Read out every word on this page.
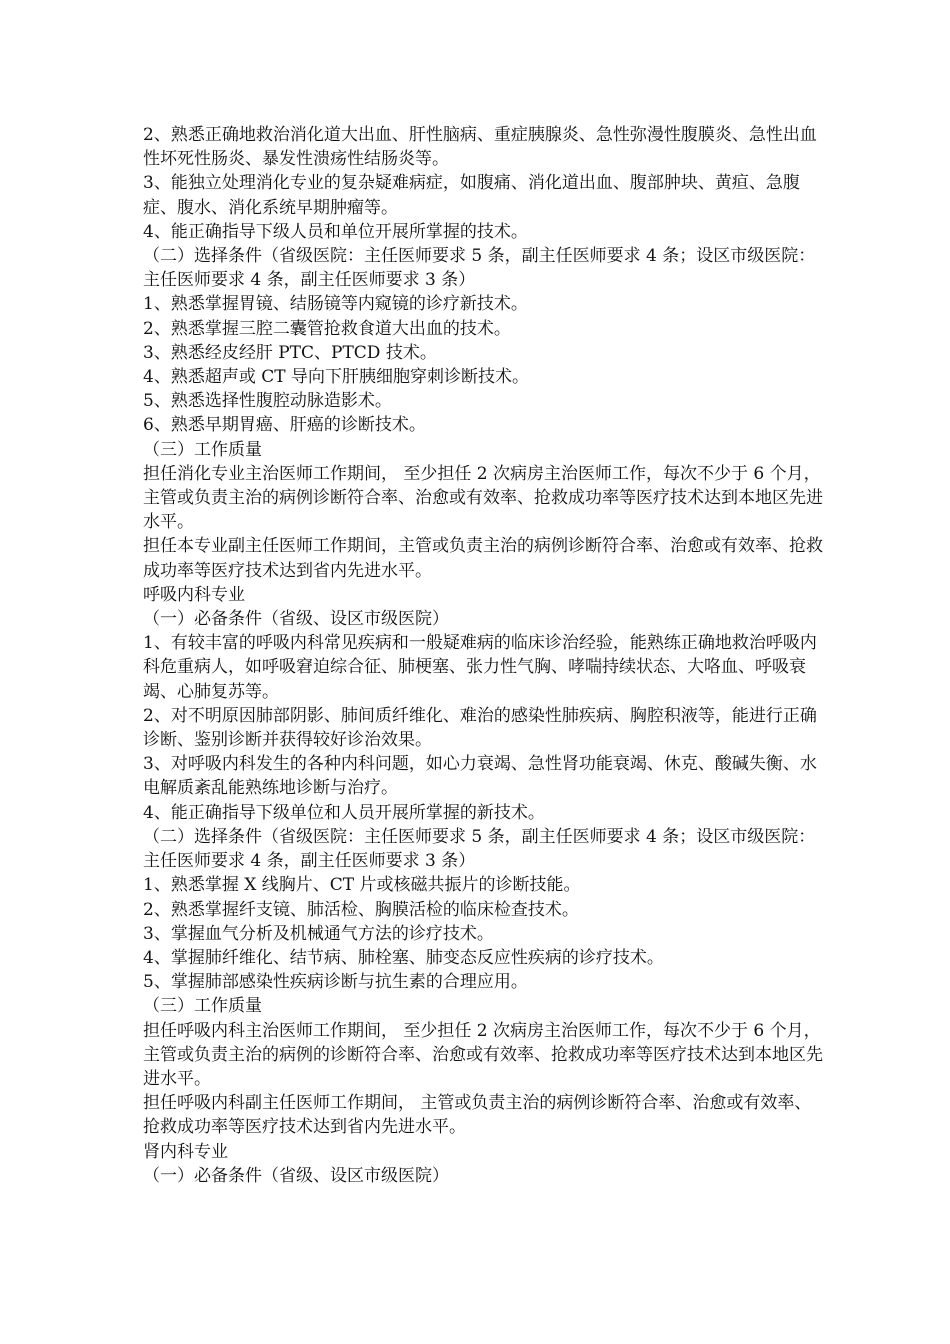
2、熟悉正确地救治消化道大出血、肝性脑病、重症胰腺炎、急性弥漫性腹膜炎、急性出血性坏死性肠炎、暴发性溃疡性结肠炎等。

3、能独立处理消化专业的复杂疑难病症，如腹痛、消化道出血、腹部肿块、黄疸、急腹症、腹水、消化系统早期肿瘤等。

4、能正确指导下级人员和单位开展所掌握的技术。

（二）选择条件（省级医院：主任医师要求 5 条，副主任医师要求 4 条；设区市级医院：主任医师要求 4 条，副主任医师要求 3 条）

1、熟悉掌握胃镜、结肠镜等内窥镜的诊疗新技术。

2、熟悉掌握三腔二囊管抢救食道大出血的技术。

3、熟悉经皮经肝 PTC、PTCD 技术。

4、熟悉超声或 CT 导向下肝胰细胞穿刺诊断技术。

5、熟悉选择性腹腔动脉造影术。

6、熟悉早期胃癌、肝癌的诊断技术。

（三）工作质量

担任消化专业主治医师工作期间， 至少担任 2 次病房主治医师工作，每次不少于 6 个月，主管或负责主治的病例诊断符合率、治愈或有效率、抢救成功率等医疗技术达到本地区先进水平。

担任本专业副主任医师工作期间，主管或负责主治的病例诊断符合率、治愈或有效率、抢救成功率等医疗技术达到省内先进水平。

呼吸内科专业

（一）必备条件（省级、设区市级医院）

1、有较丰富的呼吸内科常见疾病和一般疑难病的临床诊治经验，能熟练正确地救治呼吸内科危重病人，如呼吸窘迫综合征、肺梗塞、张力性气胸、哮喘持续状态、大咯血、呼吸衰竭、心肺复苏等。

2、对不明原因肺部阴影、肺间质纤维化、难治的感染性肺疾病、胸腔积液等，能进行正确诊断、鉴别诊断并获得较好诊治效果。

3、对呼吸内科发生的各种内科问题，如心力衰竭、急性肾功能衰竭、休克、酸碱失衡、水电解质紊乱能熟练地诊断与治疗。

4、能正确指导下级单位和人员开展所掌握的新技术。

（二）选择条件（省级医院：主任医师要求 5 条，副主任医师要求 4 条；设区市级医院：主任医师要求 4 条，副主任医师要求 3 条）

1、熟悉掌握 X 线胸片、CT 片或核磁共振片的诊断技能。

2、熟悉掌握纤支镜、肺活检、胸膜活检的临床检查技术。

3、掌握血气分析及机械通气方法的诊疗技术。

4、掌握肺纤维化、结节病、肺栓塞、肺变态反应性疾病的诊疗技术。

5、掌握肺部感染性疾病诊断与抗生素的合理应用。

（三）工作质量

担任呼吸内科主治医师工作期间， 至少担任 2 次病房主治医师工作，每次不少于 6 个月，主管或负责主治的病例的诊断符合率、治愈或有效率、抢救成功率等医疗技术达到本地区先进水平。

担任呼吸内科副主任医师工作期间， 主管或负责主治的病例诊断符合率、治愈或有效率、抢救成功率等医疗技术达到省内先进水平。

肾内科专业

（一）必备条件（省级、设区市级医院）
